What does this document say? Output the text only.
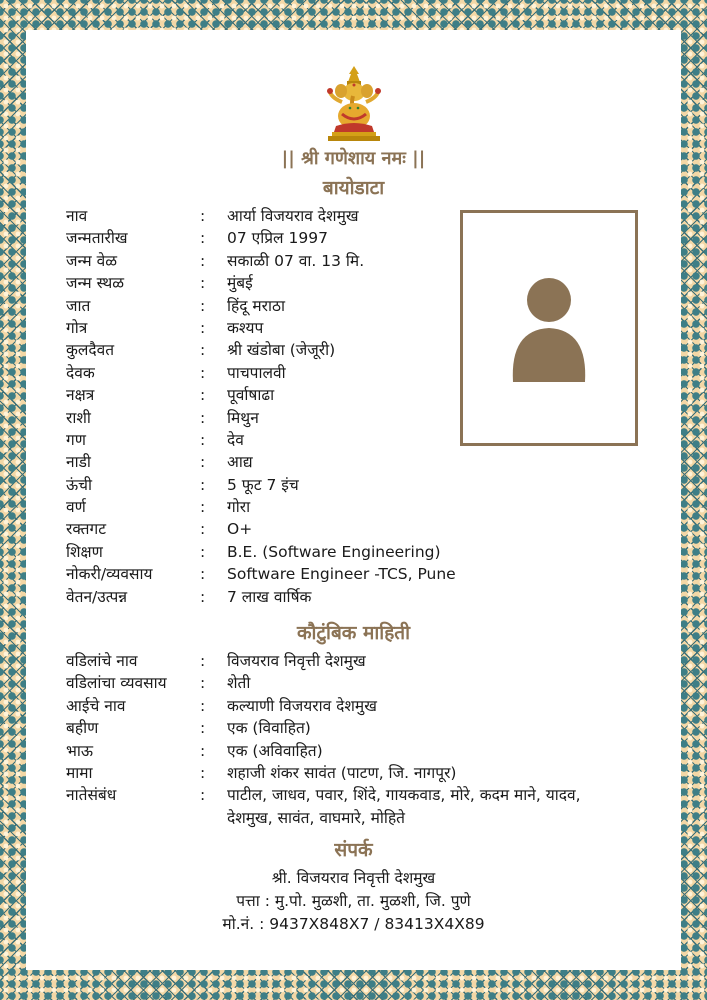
|| श्री गणेशाय नमः ||

बायोडाटा

नाव	: आर्या विजयराव देशमुख
जन्मतारीख	: 07 एप्रिल 1997
जन्म वेळ	: सकाळी 07 वा. 13 मि.
जन्म स्थळ	: मुंबई
जात	: हिंदू मराठा
गोत्र	: कश्यप
कुलदैवत	: श्री खंडोबा (जेजूरी)
देवक	: पाचपालवी
नक्षत्र	: पूर्वाषाढा
राशी	: मिथुन
गण	: देव
नाडी	: आद्य
ऊंची	: 5 फूट 7 इंच
वर्ण	: गोरा
रक्तगट	: O+
शिक्षण	: B.E. (Software Engineering)
नोकरी/व्यवसाय	: Software Engineer -TCS, Pune
वेतन/उत्पन्न	: 7 लाख वार्षिक

कौटुंबिक माहिती

वडिलांचे नाव	: विजयराव निवृत्ती देशमुख
वडिलांचा व्यवसाय : शेती
आईचे नाव	: कल्याणी विजयराव देशमुख
बहीण	: एक (विवाहित)
भाऊ	: एक (अविवाहित)
मामा	: शहाजी शंकर सावंत (पाटण, जि. नागपूर)
नातेसंबंध	: पाटील, जाधव, पवार, शिंदे, गायकवाड, मोरे, कदम माने, यादव, देशमुख, सावंत, वाघमारे, मोहिते

संपर्क

श्री. विजयराव निवृत्ती देशमुख

पत्ता : मु.पो. मुळशी, ता. मुळशी, जि. पुणे

मो.नं. : 9437X848X7 / 83413X4X89
